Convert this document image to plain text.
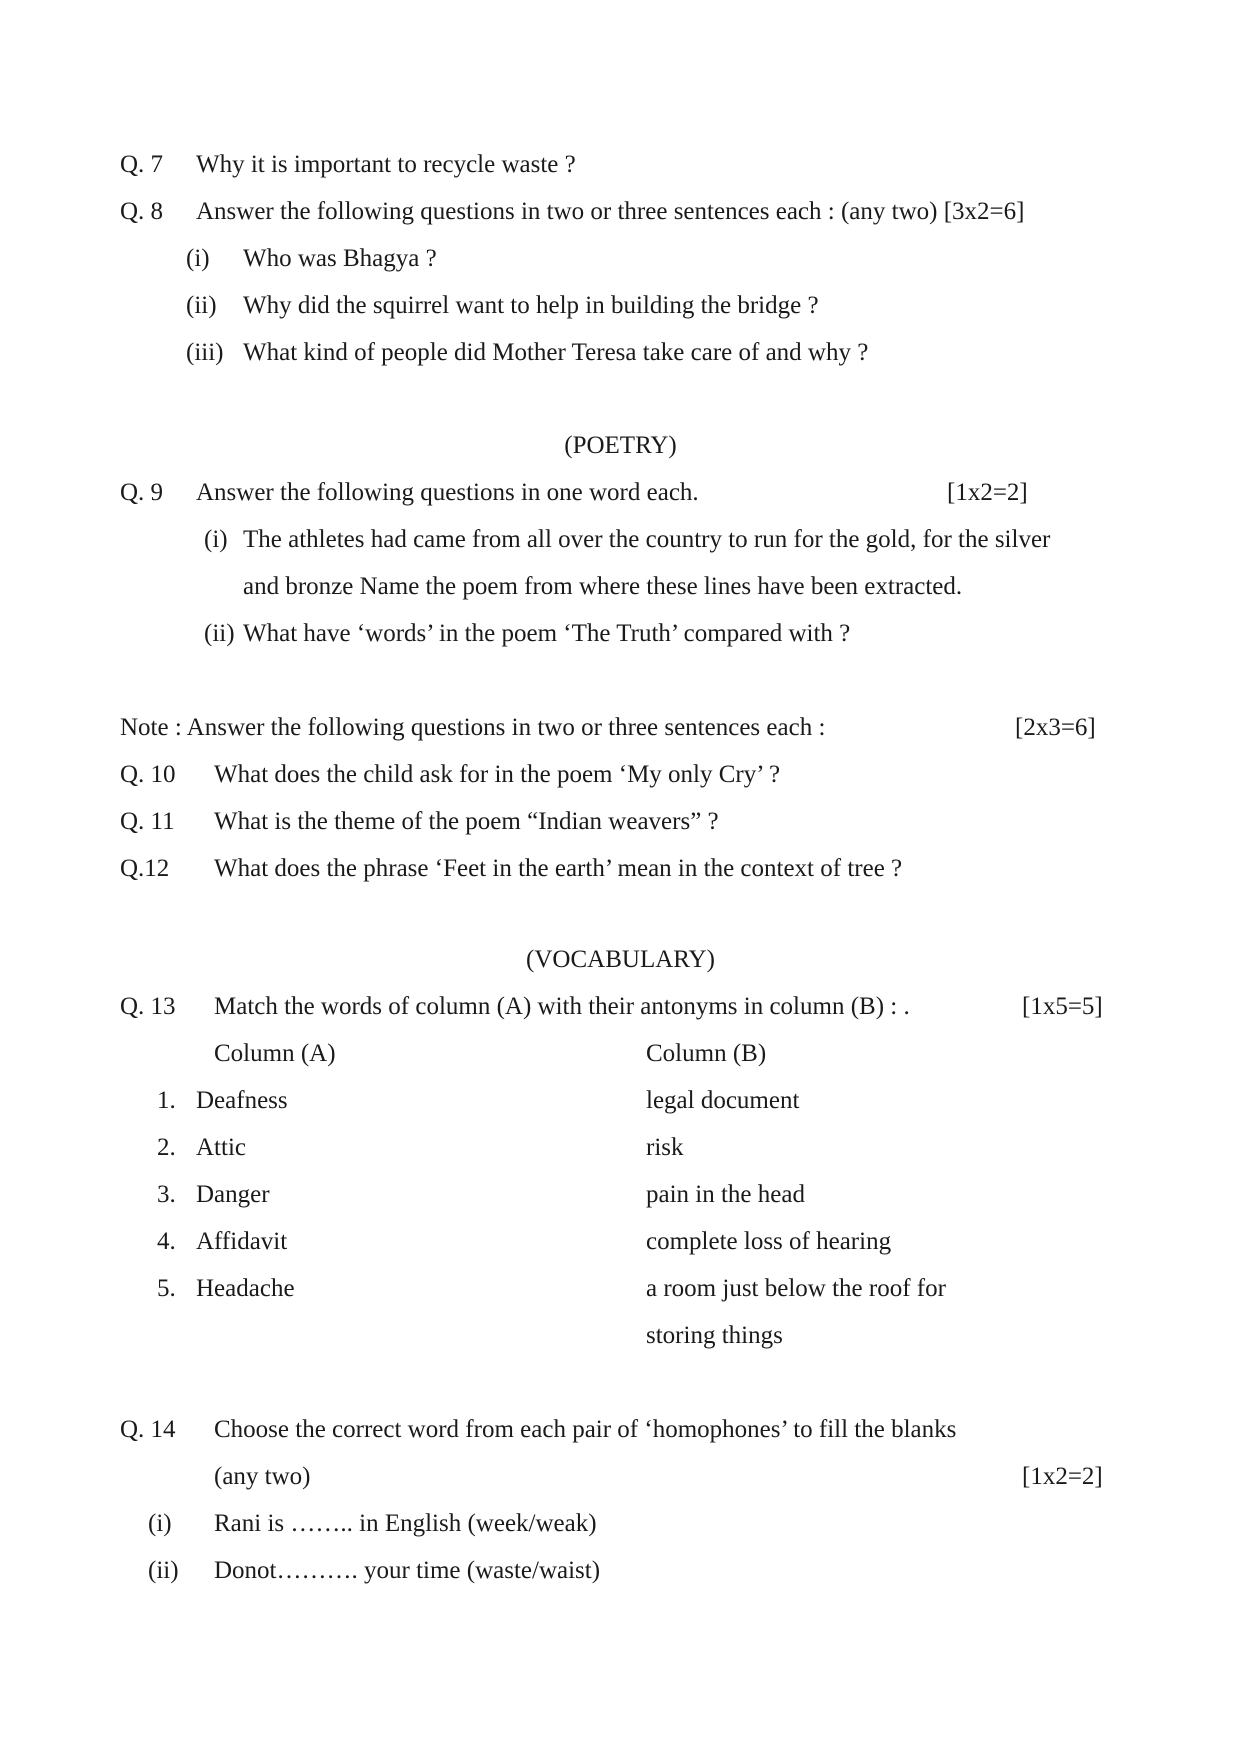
Q. 7 Why it is important to recycle waste ?
Q. 8 Answer the following questions in two or three sentences each : (any two) [3x2=6]
(i) Who was Bhagya ?
(ii) Why did the squirrel want to help in building the bridge ?
(iii) What kind of people did Mother Teresa take care of and why ?
(POETRY)
Q. 9 Answer the following questions in one word each.	[1x2=2]
(i) The athletes had came from all over the country to run for the gold, for the silver
and bronze Name the poem from where these lines have been extracted.
(ii) What have ‘words’ in the poem ‘The Truth’ compared with ?
Note : Answer the following questions in two or three sentences each :	[2x3=6]
Q. 10 What does the child ask for in the poem ‘My only Cry’ ?
Q. 11 What is the theme of the poem “Indian weavers” ?
Q.12 What does the phrase ‘Feet in the earth’ mean in the context of tree ?
(VOCABULARY)
Q. 13 Match the words of column (A) with their antonyms in column (B) : .	[1x5=5]
Column (A)	Column (B)
1. Deafness	legal document
2. Attic	risk
3. Danger	pain in the head
4. Affidavit	complete loss of hearing
5. Headache	a room just below the roof for
storing things
Q. 14 Choose the correct word from each pair of ‘homophones’ to fill the blanks
(any two)	[1x2=2]
(i) Rani is …….. in English (week/weak)
(ii) Donot………. your time (waste/waist)
